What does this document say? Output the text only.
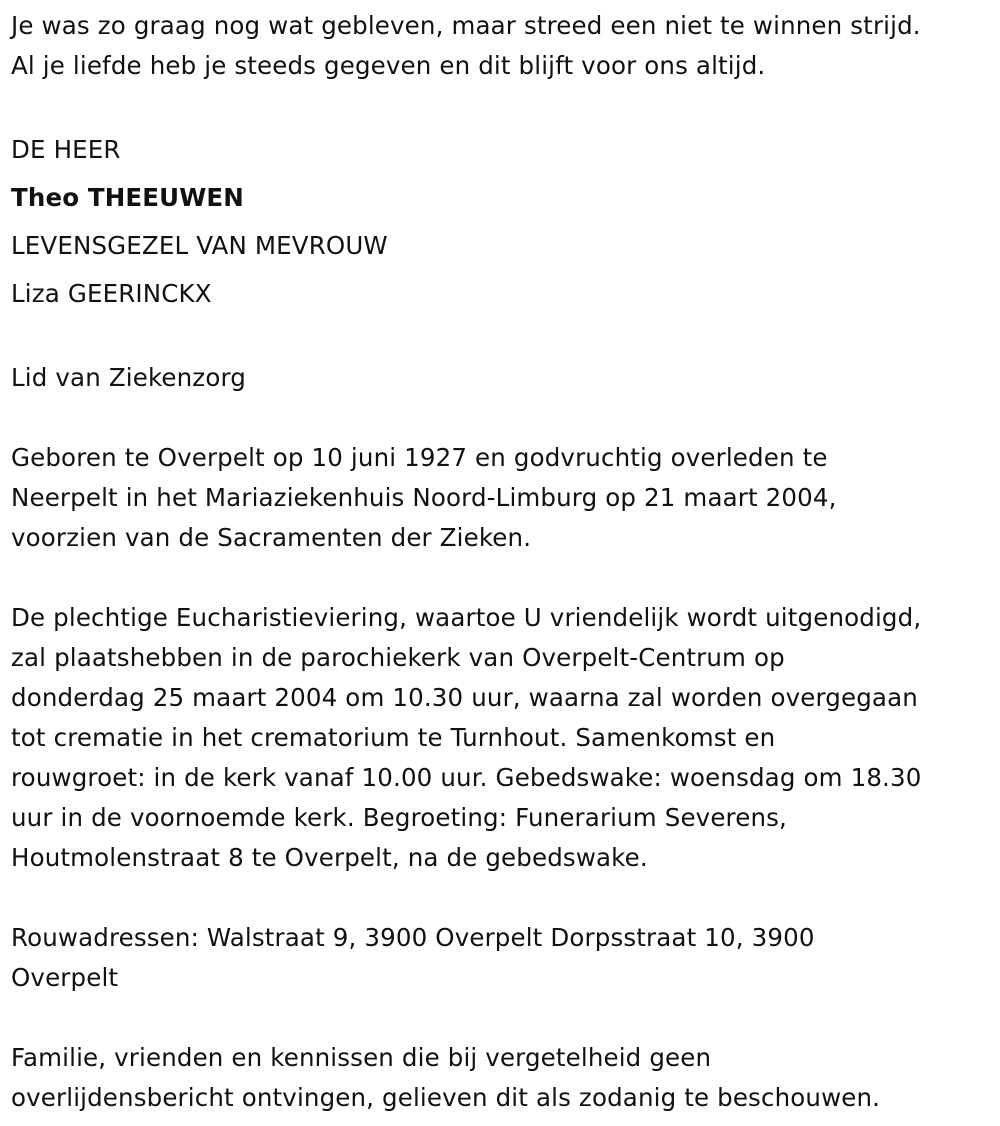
Je was zo graag nog wat gebleven, maar streed een niet te winnen strijd.
Al je liefde heb je steeds gegeven en dit blijft voor ons altijd.
DE HEER
Theo THEEUWEN
LEVENSGEZEL VAN MEVROUW
Liza GEERINCKX
Lid van Ziekenzorg
Geboren te Overpelt op 10 juni 1927 en godvruchtig overleden te
Neerpelt in het Mariaziekenhuis Noord-Limburg op 21 maart 2004,
voorzien van de Sacramenten der Zieken.
De plechtige Eucharistieviering, waartoe U vriendelijk wordt uitgenodigd,
zal plaatshebben in de parochiekerk van Overpelt-Centrum op
donderdag 25 maart 2004 om 10.30 uur, waarna zal worden overgegaan
tot crematie in het crematorium te Turnhout. Samenkomst en
rouwgroet: in de kerk vanaf 10.00 uur. Gebedswake: woensdag om 18.30
uur in de voornoemde kerk. Begroeting: Funerarium Severens,
Houtmolenstraat 8 te Overpelt, na de gebedswake.
Rouwadressen: Walstraat 9, 3900 Overpelt Dorpsstraat 10, 3900
Overpelt
Familie, vrienden en kennissen die bij vergetelheid geen
overlijdensbericht ontvingen, gelieven dit als zodanig te beschouwen.
